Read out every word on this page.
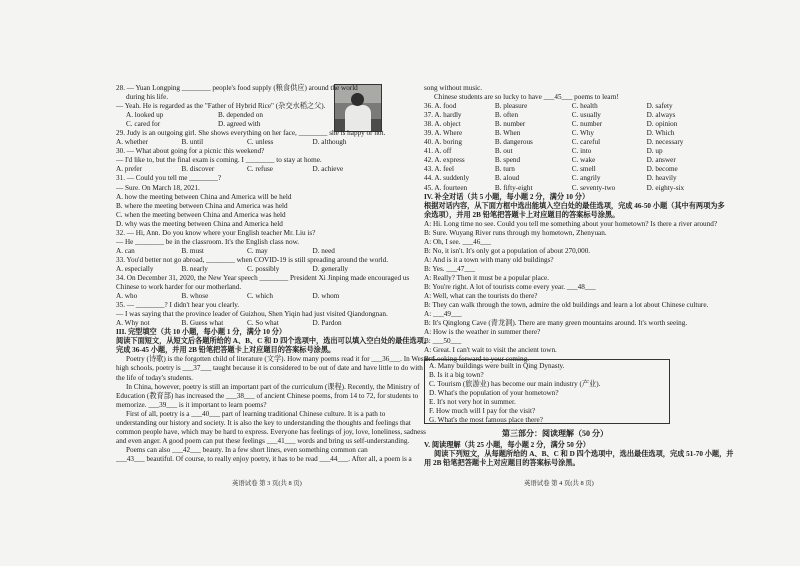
28. — Yuan Longping ________ people's food supply (粮食供应) around the world
during his life.
— Yeah. He is regarded as the "Father of Hybrid Rice" (杂交水稻之父).
A. looked up	B. depended on
C. cared for	D. agreed with
29. Judy is an outgoing girl. She shows everything on her face, ________ she is happy or not.
A. whether	B. until	C. unless	D. although
30. — What about going for a picnic this weekend?
— I'd like to, but the final exam is coming. I ________ to stay at home.
A. prefer	B. discover	C. refuse	D. achieve
31. — Could you tell me ________?
— Sure. On March 18, 2021.
A. how the meeting between China and America will be held
B. where the meeting between China and America was held
C. when the meeting between China and America was held
D. why was the meeting between China and America held
32. — Hi, Ann. Do you know where your English teacher Mr. Liu is?
— He ________ be in the classroom. It's the English class now.
A. can	B. must	C. may	D. need
33. You'd better not go abroad, ________ when COVID-19 is still spreading around the world.
A. especially	B. nearly	C. possibly	D. generally
34. On December 31, 2020, the New Year speech ________ President Xi Jinping made encouraged us
Chinese to work harder for our motherland.
A. who	B. whose	C. which	D. whom
35. — ________? I didn't hear you clearly.
— I was saying that the province leader of Guizhou, Shen Yiqin had just visited Qiandongnan.
A. Why not	B. Guess what	C. So what	D. Pardon
III. 完型填空（共 10 小题，每小题 1 分，满分 10 分）
阅读下面短文，从短文后各题所给的 A、B、C 和 D 四个选项中，选出可以填入空白处的最佳选项。
完成 36-45 小题，并用 2B 铅笔把答题卡上对应题目的答案标号涂黑。
Poetry (诗歌) is the forgotten child of literature (文学). How many poems read it for ___36___. In Western
high schools, poetry is ___37___ taught because it is considered to be out of date and have little to do with
the life of today's students.
In China, however, poetry is still an important part of the curriculum (课程). Recently, the Ministry of
Education (教育部) has increased the ___38___ of ancient Chinese poems, from 14 to 72, for students to
memorize. ___39___ is it important to learn poems?
First of all, poetry is a ___40___ part of learning traditional Chinese culture. It is a path to
understanding our history and society. It is also the key to understanding the thoughts and feelings that
common people have, which may be hard to express. Everyone has feelings of joy, love, loneliness, sadness
and even anger. A good poem can put these feelings ___41___ words and bring us self-understanding.
Poems can also ___42___ beauty. In a few short lines, even something common can
___43___ beautiful. Of course, to really enjoy poetry, it has to be read ___44___. After all, a poem is a
song without music.
Chinese students are so lucky to have ___45___ poems to learn!
36. A. food	B. pleasure	C. health	D. safety
37. A. hardly	B. often	C. usually	D. always
38. A. object	B. number	C. number	D. opinion
39. A. Where	B. When	C. Why	D. Which
40. A. boring	B. dangerous	C. careful	D. necessary
41. A. off	B. out	C. into	D. up
42. A. express	B. spend	C. wake	D. answer
43. A. feel	B. turn	C. smell	D. become
44. A. suddenly	B. aloud	C. angrily	D. heavily
45. A. fourteen	B. fifty-eight	C. seventy-two	D. eighty-six
IV. 补全对话（共 5 小题，每小题 2 分，满分 10 分）
根据对话内容，从下面方框中选出能填入空白处的最佳选项，完成 46-50 小题（其中有两项为多
余选项），并用 2B 铅笔把答题卡上对应题目的答案标号涂黑。
A: Hi. Long time no see. Could you tell me something about your hometown? Is there a river around?
B: Sure. Wuyang River runs through my hometown, Zhenyuan.
A: Oh, I see. ___46___
B: No, it isn't. It's only got a population of about 270,000.
A: And is it a town with many old buildings?
B: Yes. ___47___
A: Really? Then it must be a popular place.
B: You're right. A lot of tourists come every year. ___48___
A: Well, what can the tourists do there?
B: They can walk through the town, admire the old buildings and learn a lot about Chinese culture.
A: ___49___
B: It's Qinglong Cave (青龙洞). There are many green mountains around. It's worth seeing.
A: How is the weather in summer there?
B: ___50___
A: Great. I can't wait to visit the ancient town.
B: Looking forward to your coming.
A. Many buildings were built in Qing Dynasty.
B. Is it a big town?
C. Tourism (旅游业) has become our main industry (产业).
D. What's the population of your hometown?
E. It's not very hot in summer.
F. How much will I pay for the visit?
G. What's the most famous place there?
第三部分：阅读理解（50 分）
V. 阅读理解（共 25 小题，每小题 2 分，满分 50 分）
阅读下列短文，从每题所给的 A、B、C 和 D 四个选项中，选出最佳选项，完成 51-70 小题，并
用 2B 铅笔把答题卡上对应题目的答案标号涂黑。
英语试卷 第 3 页(共 8 页)	英语试卷 第 4 页(共 8 页)
